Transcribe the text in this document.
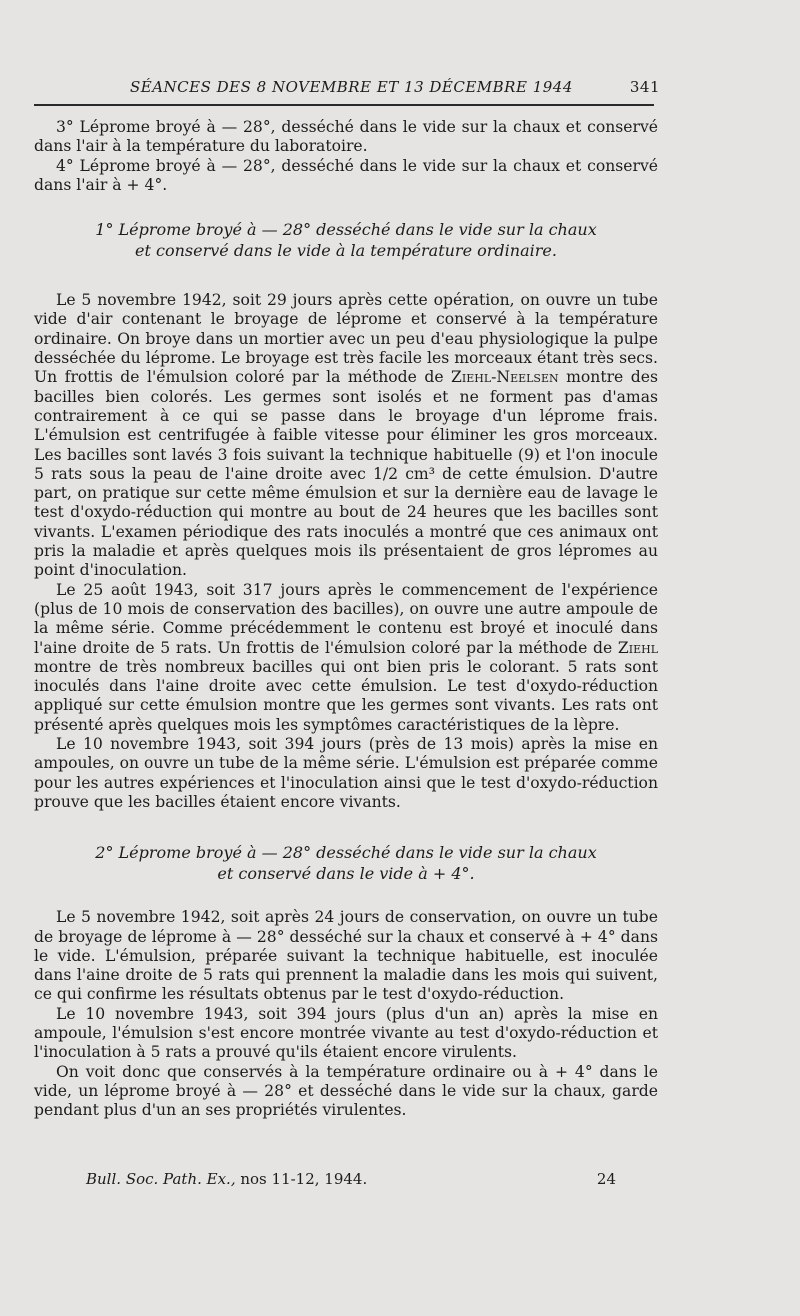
SÉANCES DES 8 NOVEMBRE ET 13 DÉCEMBRE 1944	341

3° Léprome broyé à — 28°, desséché dans le vide sur la chaux et conservé dans l'air à la température du laboratoire.

4° Léprome broyé à — 28°, desséché dans le vide sur la chaux et conservé dans l'air à + 4°.

1° Léprome broyé à — 28° desséché dans le vide sur la chaux

et conservé dans le vide à la température ordinaire.

Le 5 novembre 1942, soit 29 jours après cette opération, on ouvre un tube vide d'air contenant le broyage de léprome et conservé à la température ordinaire. On broye dans un mortier avec un peu d'eau physiologique la pulpe desséchée du léprome. Le broyage est très facile les morceaux étant très secs. Un frottis de l'émulsion coloré par la méthode de Ziehl-Neelsen montre des bacilles bien colorés. Les germes sont isolés et ne forment pas d'amas contrairement à ce qui se passe dans le broyage d'un léprome frais. L'émulsion est centrifugée à faible vitesse pour éliminer les gros morceaux. Les bacilles sont lavés 3 fois suivant la technique habituelle (9) et l'on inocule 5 rats sous la peau de l'aine droite avec 1/2 cm³ de cette émulsion. D'autre part, on pratique sur cette même émulsion et sur la dernière eau de lavage le test d'oxydo-réduction qui montre au bout de 24 heures que les bacilles sont vivants. L'examen périodique des rats inoculés a montré que ces animaux ont pris la maladie et après quelques mois ils présentaient de gros lépromes au point d'inoculation.

Le 25 août 1943, soit 317 jours après le commencement de l'expérience (plus de 10 mois de conservation des bacilles), on ouvre une autre ampoule de la même série. Comme précédemment le contenu est broyé et inoculé dans l'aine droite de 5 rats. Un frottis de l'émulsion coloré par la méthode de Ziehl montre de très nombreux bacilles qui ont bien pris le colorant. 5 rats sont inoculés dans l'aine droite avec cette émulsion. Le test d'oxydo-réduction appliqué sur cette émulsion montre que les germes sont vivants. Les rats ont présenté après quelques mois les symptômes caractéristiques de la lèpre.

Le 10 novembre 1943, soit 394 jours (près de 13 mois) après la mise en ampoules, on ouvre un tube de la même série. L'émulsion est préparée comme pour les autres expériences et l'inoculation ainsi que le test d'oxydo-réduction prouve que les bacilles étaient encore vivants.

2° Léprome broyé à — 28° desséché dans le vide sur la chaux

et conservé dans le vide à + 4°.

Le 5 novembre 1942, soit après 24 jours de conservation, on ouvre un tube de broyage de léprome à — 28° desséché sur la chaux et conservé à + 4° dans le vide. L'émulsion, préparée suivant la technique habituelle, est inoculée dans l'aine droite de 5 rats qui prennent la maladie dans les mois qui suivent, ce qui confirme les résultats obtenus par le test d'oxydo-réduction.

Le 10 novembre 1943, soit 394 jours (plus d'un an) après la mise en ampoule, l'émulsion s'est encore montrée vivante au test d'oxydo-réduction et l'inoculation à 5 rats a prouvé qu'ils étaient encore virulents.

On voit donc que conservés à la température ordinaire ou à + 4° dans le vide, un léprome broyé à — 28° et desséché dans le vide sur la chaux, garde pendant plus d'un an ses propriétés virulentes.

Bull. Soc. Path. Ex., nos 11-12, 1944.	24
